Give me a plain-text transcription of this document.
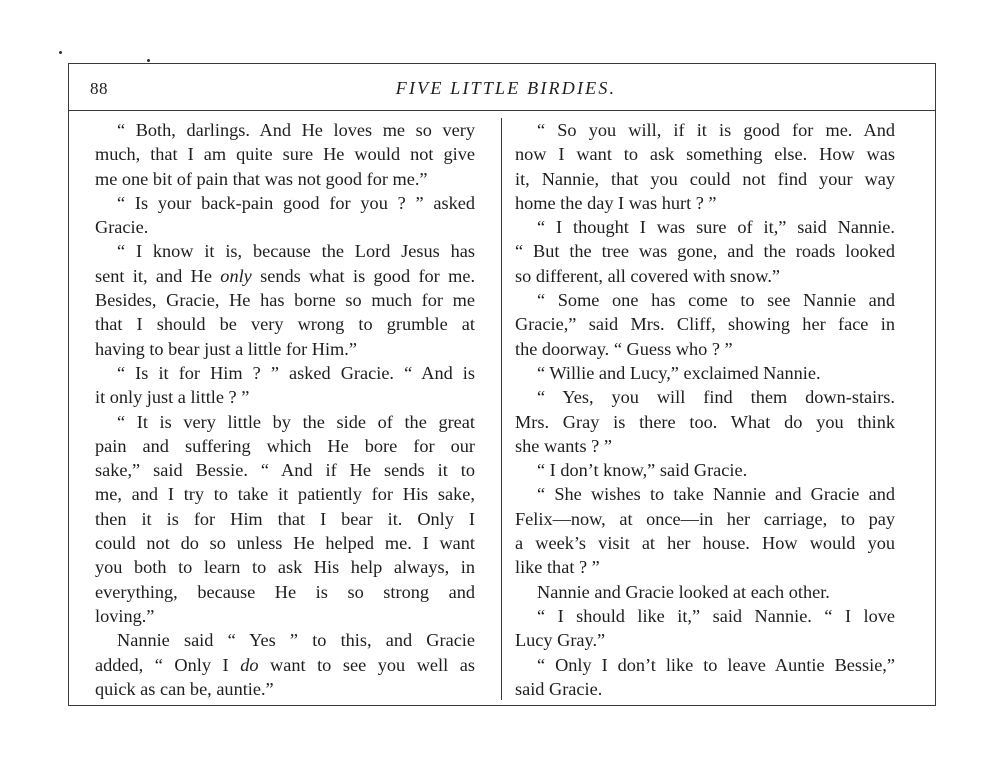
88	FIVE LITTLE BIRDIES.
“ Both, darlings. And He loves me so very
much, that I am quite sure He would not give
me one bit of pain that was not good for me.”
“ Is your back-pain good for you ? ” asked
Gracie.
“ I know it is, because the Lord Jesus has
sent it, and He only sends what is good for me.
Besides, Gracie, He has borne so much for me
that I should be very wrong to grumble at
having to bear just a little for Him.”
“ Is it for Him ? ” asked Gracie. “ And is
it only just a little ? ”
“ It is very little by the side of the great
pain and suffering which He bore for our
sake,” said Bessie. “ And if He sends it to
me, and I try to take it patiently for His sake,
then it is for Him that I bear it. Only I
could not do so unless He helped me. I want
you both to learn to ask His help always, in
everything, because He is so strong and
loving.”
Nannie said “ Yes ” to this, and Gracie
added, “ Only I do want to see you well as
quick as can be, auntie.”
“ So you will, if it is good for me. And
now I want to ask something else. How was
it, Nannie, that you could not find your way
home the day I was hurt ? ”
“ I thought I was sure of it,” said Nannie.
“ But the tree was gone, and the roads looked
so different, all covered with snow.”
“ Some one has come to see Nannie and
Gracie,” said Mrs. Cliff, showing her face in
the doorway. “ Guess who ? ”
“ Willie and Lucy,” exclaimed Nannie.
“ Yes, you will find them down-stairs.
Mrs. Gray is there too. What do you think
she wants ? ”
“ I don’t know,” said Gracie.
“ She wishes to take Nannie and Gracie and
Felix—now, at once—in her carriage, to pay
a week’s visit at her house. How would you
like that ? ”
Nannie and Gracie looked at each other.
“ I should like it,” said Nannie. “ I love
Lucy Gray.”
“ Only I don’t like to leave Auntie Bessie,”
said Gracie.
